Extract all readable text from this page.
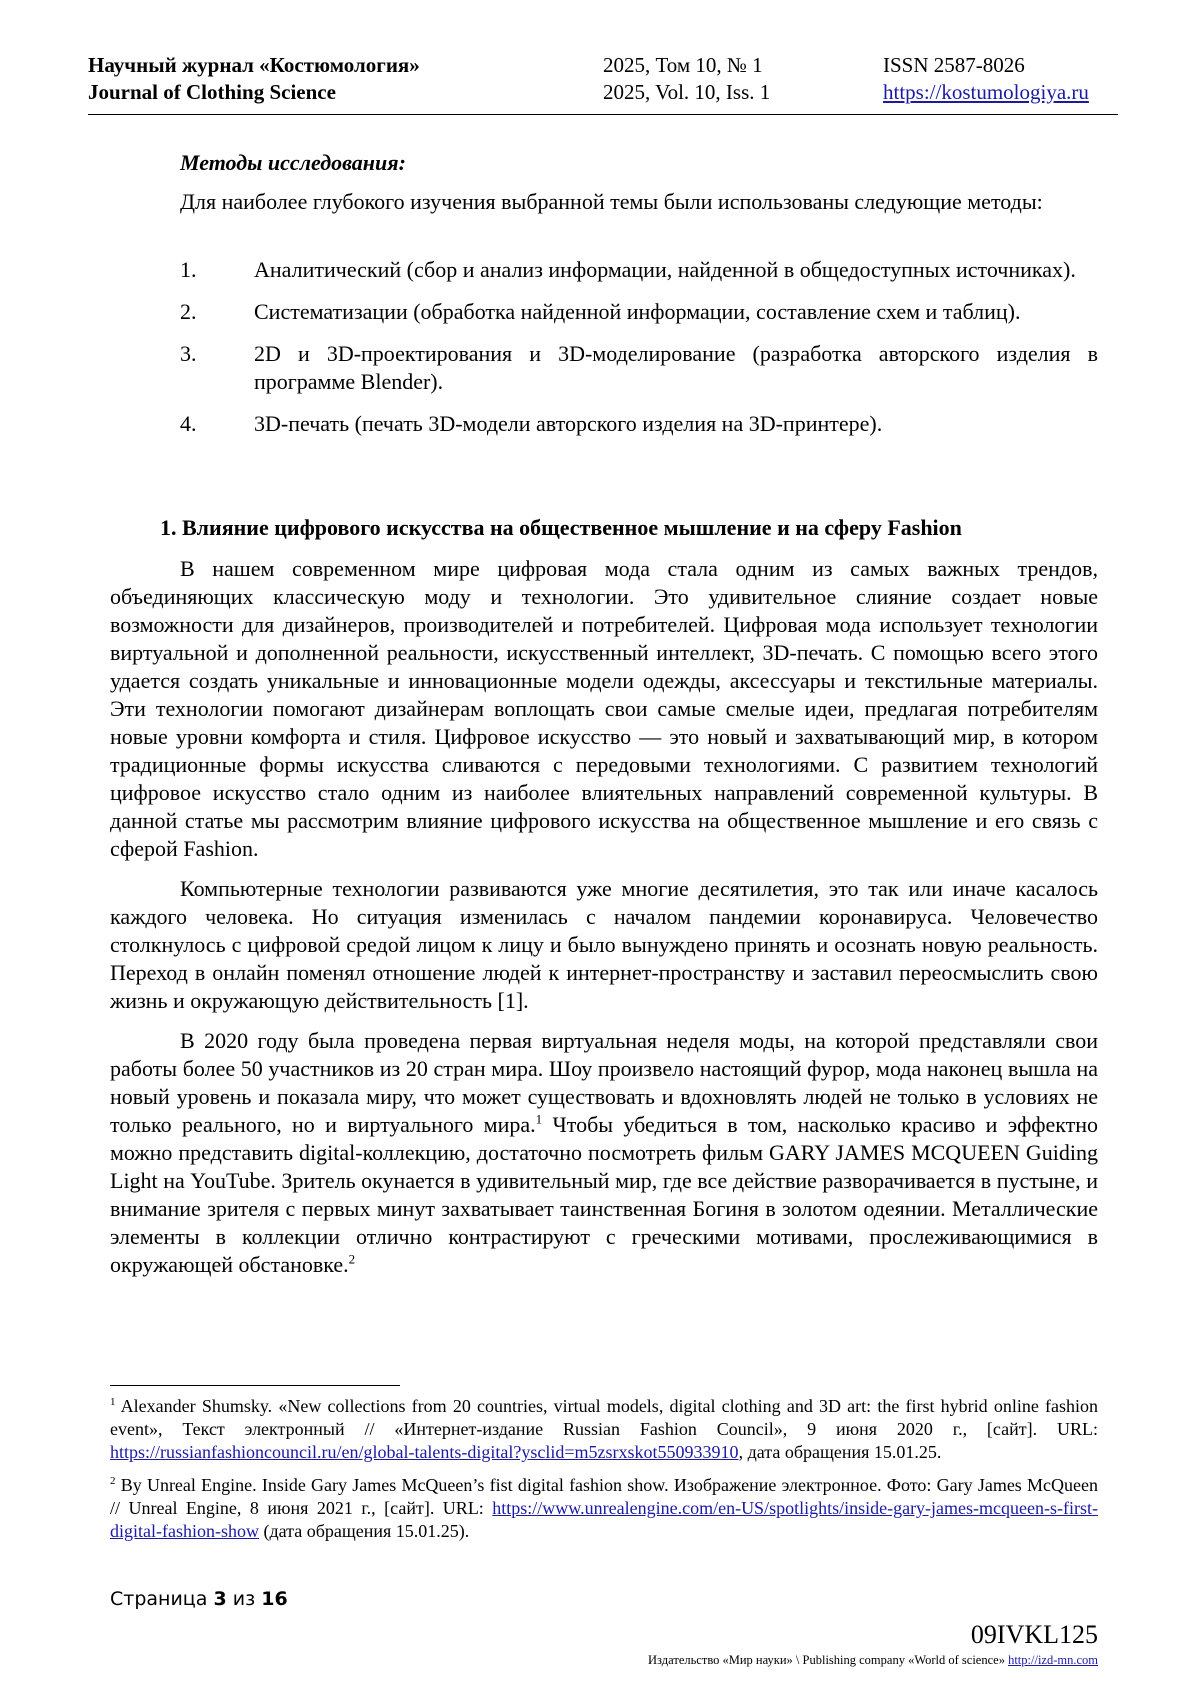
Научный журнал «Костюмология»
Journal of Clothing Science
2025, Том 10, № 1
2025, Vol. 10, Iss. 1
ISSN 2587-8026
https://kostumologiya.ru
Методы исследования:

Для наиболее глубокого изучения выбранной темы были использованы следующие методы:

1.	Аналитический (сбор и анализ информации, найденной в общедоступных источниках).
2.	Систематизации (обработка найденной информации, составление схем и таблиц).
3.	2D и 3D-проектирования и 3D-моделирование (разработка авторского изделия в программе Blender).
4.	3D-печать (печать 3D-модели авторского изделия на 3D-принтере).
1. Влияние цифрового искусства на общественное мышление и на сферу Fashion

В нашем современном мире цифровая мода стала одним из самых важных трендов, объединяющих классическую моду и технологии. Это удивительное слияние создает новые возможности для дизайнеров, производителей и потребителей. Цифровая мода использует технологии виртуальной и дополненной реальности, искусственный интеллект, 3D-печать. С помощью всего этого удается создать уникальные и инновационные модели одежды, аксессуары и текстильные материалы. Эти технологии помогают дизайнерам воплощать свои самые смелые идеи, предлагая потребителям новые уровни комфорта и стиля. Цифровое искусство — это новый и захватывающий мир, в котором традиционные формы искусства сливаются с передовыми технологиями. С развитием технологий цифровое искусство стало одним из наиболее влиятельных направлений современной культуры. В данной статье мы рассмотрим влияние цифрового искусства на общественное мышление и его связь с сферой Fashion.

Компьютерные технологии развиваются уже многие десятилетия, это так или иначе касалось каждого человека. Но ситуация изменилась с началом пандемии коронавируса. Человечество столкнулось с цифровой средой лицом к лицу и было вынуждено принять и осознать новую реальность. Переход в онлайн поменял отношение людей к интернет-пространству и заставил переосмыслить свою жизнь и окружающую действительность [1].

В 2020 году была проведена первая виртуальная неделя моды, на которой представляли свои работы более 50 участников из 20 стран мира. Шоу произвело настоящий фурор, мода наконец вышла на новый уровень и показала миру, что может существовать и вдохновлять людей не только в условиях не только реального, но и виртуального мира.$^1$ Чтобы убедиться в том, насколько красиво и эффектно можно представить digital-коллекцию, достаточно посмотреть фильм GARY JAMES MCQUEEN Guiding Light на YouTube. Зритель окунается в удивительный мир, где все действие разворачивается в пустыне, и внимание зрителя с первых минут захватывает таинственная Богиня в золотом одеянии. Металлические элементы в коллекции отлично контрастируют с греческими мотивами, прослеживающимися в окружающей обстановке.$^2$

$^1$ Alexander Shumsky. «New collections from 20 countries, virtual models, digital clothing and 3D art: the first hybrid online fashion event», Текст электронный // «Интернет-издание Russian Fashion Council», 9 июня 2020 г., [сайт]. URL: https://russianfashioncouncil.ru/en/global-talents-digital?ysclid=m5zsrxskot550933910, дата обращения 15.01.25.

$^2$ By Unreal Engine. Inside Gary James McQueen’s fist digital fashion show. Изображение электронное. Фото: Gary James McQueen // Unreal Engine, 8 июня 2021 г., [сайт]. URL: https://www.unrealengine.com/en-US/spotlights/inside-gary-james-mcqueen-s-first-digital-fashion-show (дата обращения 15.01.25).

Страница 3 из 16
09IVKL125
Издательство «Мир науки» \ Publishing company «World of science» http://izd-mn.com
